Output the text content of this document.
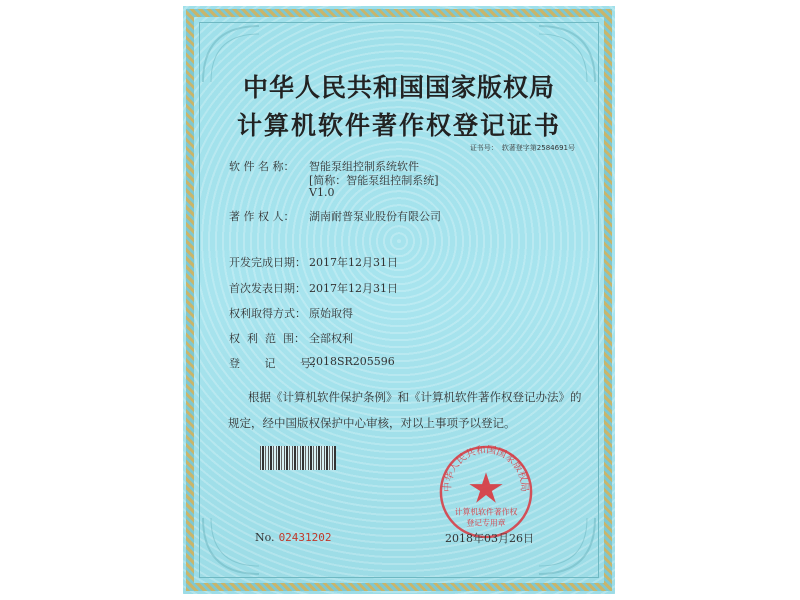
中华人民共和国国家版权局
计算机软件著作权登记证书
证书号： 软著登字第2584691号
软 件 名 称： 智能泵组控制系统软件
[简称：智能泵组控制系统]
V1.0
著 作 权 人： 湖南耐普泵业股份有限公司
开发完成日期： 2017年12月31日
首次发表日期： 2017年12月31日
权利取得方式： 原始取得
权  利  范  围： 全部权利
登       记       号：2018SR205596
根据《计算机软件保护条例》和《计算机软件著作权登记办法》的
规定，经中国版权保护中心审核，对以上事项予以登记。
中华人民共和国国家版权局
计算机软件著作权
登记专用章
No. 02431202	2018年03月26日
